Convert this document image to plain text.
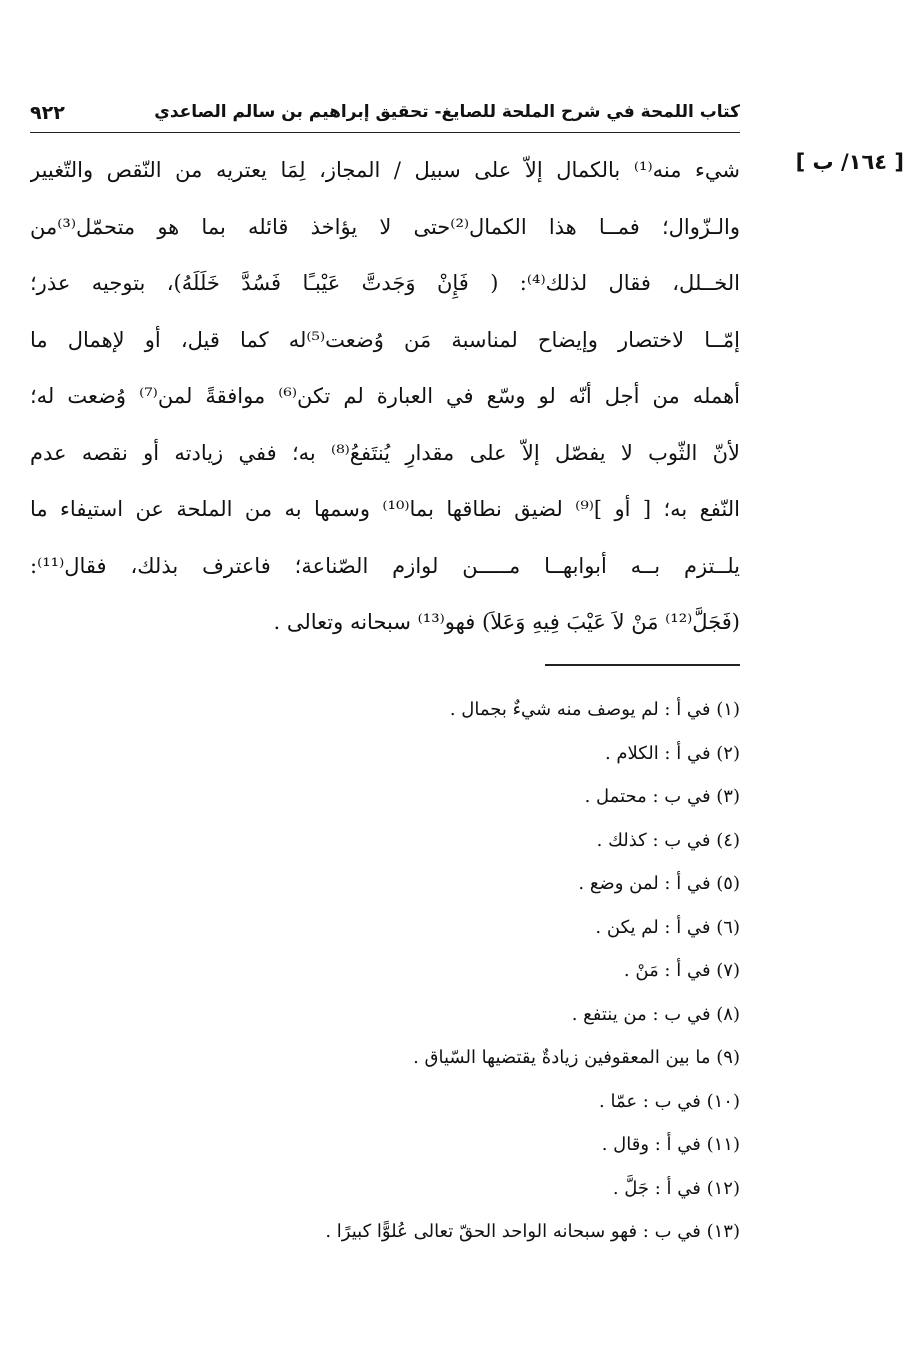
كتاب اللمحة في شرح الملحة للصايغ- تحقيق إبراهيم بن سالم الصاعدي
٩٢٢
[ ١٦٤/ ب ]
شيء منه⁽¹⁾ بالكمال إلاّ على سبيل / المجاز، لِمَا يعتريه من النّقص والتّغيير
والـزّوال؛ فمــا هذا الكمال⁽²⁾حتى لا يؤاخذ قائله بما هو متحمّل⁽³⁾من
الخــلل، فقال لذلك⁽⁴⁾: ( فَإِنْ وَجَدتَّ عَيْبـًا فَسُدَّ خَلَلَهُ)، بتوجيه عذر؛
إمّــا لاختصار وإيضاح لمناسبة مَن وُضعت⁽⁵⁾له كما قيل، أو لإهمال ما
أهمله من أجل أنّه لو وسّع في العبارة لم تكن⁽⁶⁾ موافقةً لمن⁽⁷⁾ وُضعت له؛
لأنّ الثّوب لا يفصّل إلاّ على مقدارِ يُنتَفعُ⁽⁸⁾ به؛ ففي زيادته أو نقصه عدم
النّفع به؛ [ أو ]⁽⁹⁾ لضيق نطاقها بما⁽¹⁰⁾ وسمها به من الملحة عن استيفاء ما
يلــتزم بــه أبوابهــا مـــــن لوازم الصّناعة؛ فاعترف بذلك، فقال⁽¹¹⁾:
(فَجَلَّ⁽¹²⁾ مَنْ لاَ عَيْبَ فِيهِ وَعَلاَ) فهو⁽¹³⁾ سبحانه وتعالى .
(١) في أ : لم يوصف منه شيءٌ بجمال .
(٢) في أ : الكلام .
(٣) في ب : محتمل .
(٤) في ب : كذلك .
(٥) في أ : لمن وضع .
(٦) في أ : لم يكن .
(٧) في أ : مَنْ .
(٨) في ب : من ينتفع .
(٩) ما بين المعقوفين زيادةٌ يقتضيها السّياق .
(١٠) في ب : عمّا .
(١١) في أ : وقال .
(١٢) في أ : جَلَّ .
(١٣) في ب : فهو سبحانه الواحد الحقّ تعالى عُلوًّا كبيرًا .
